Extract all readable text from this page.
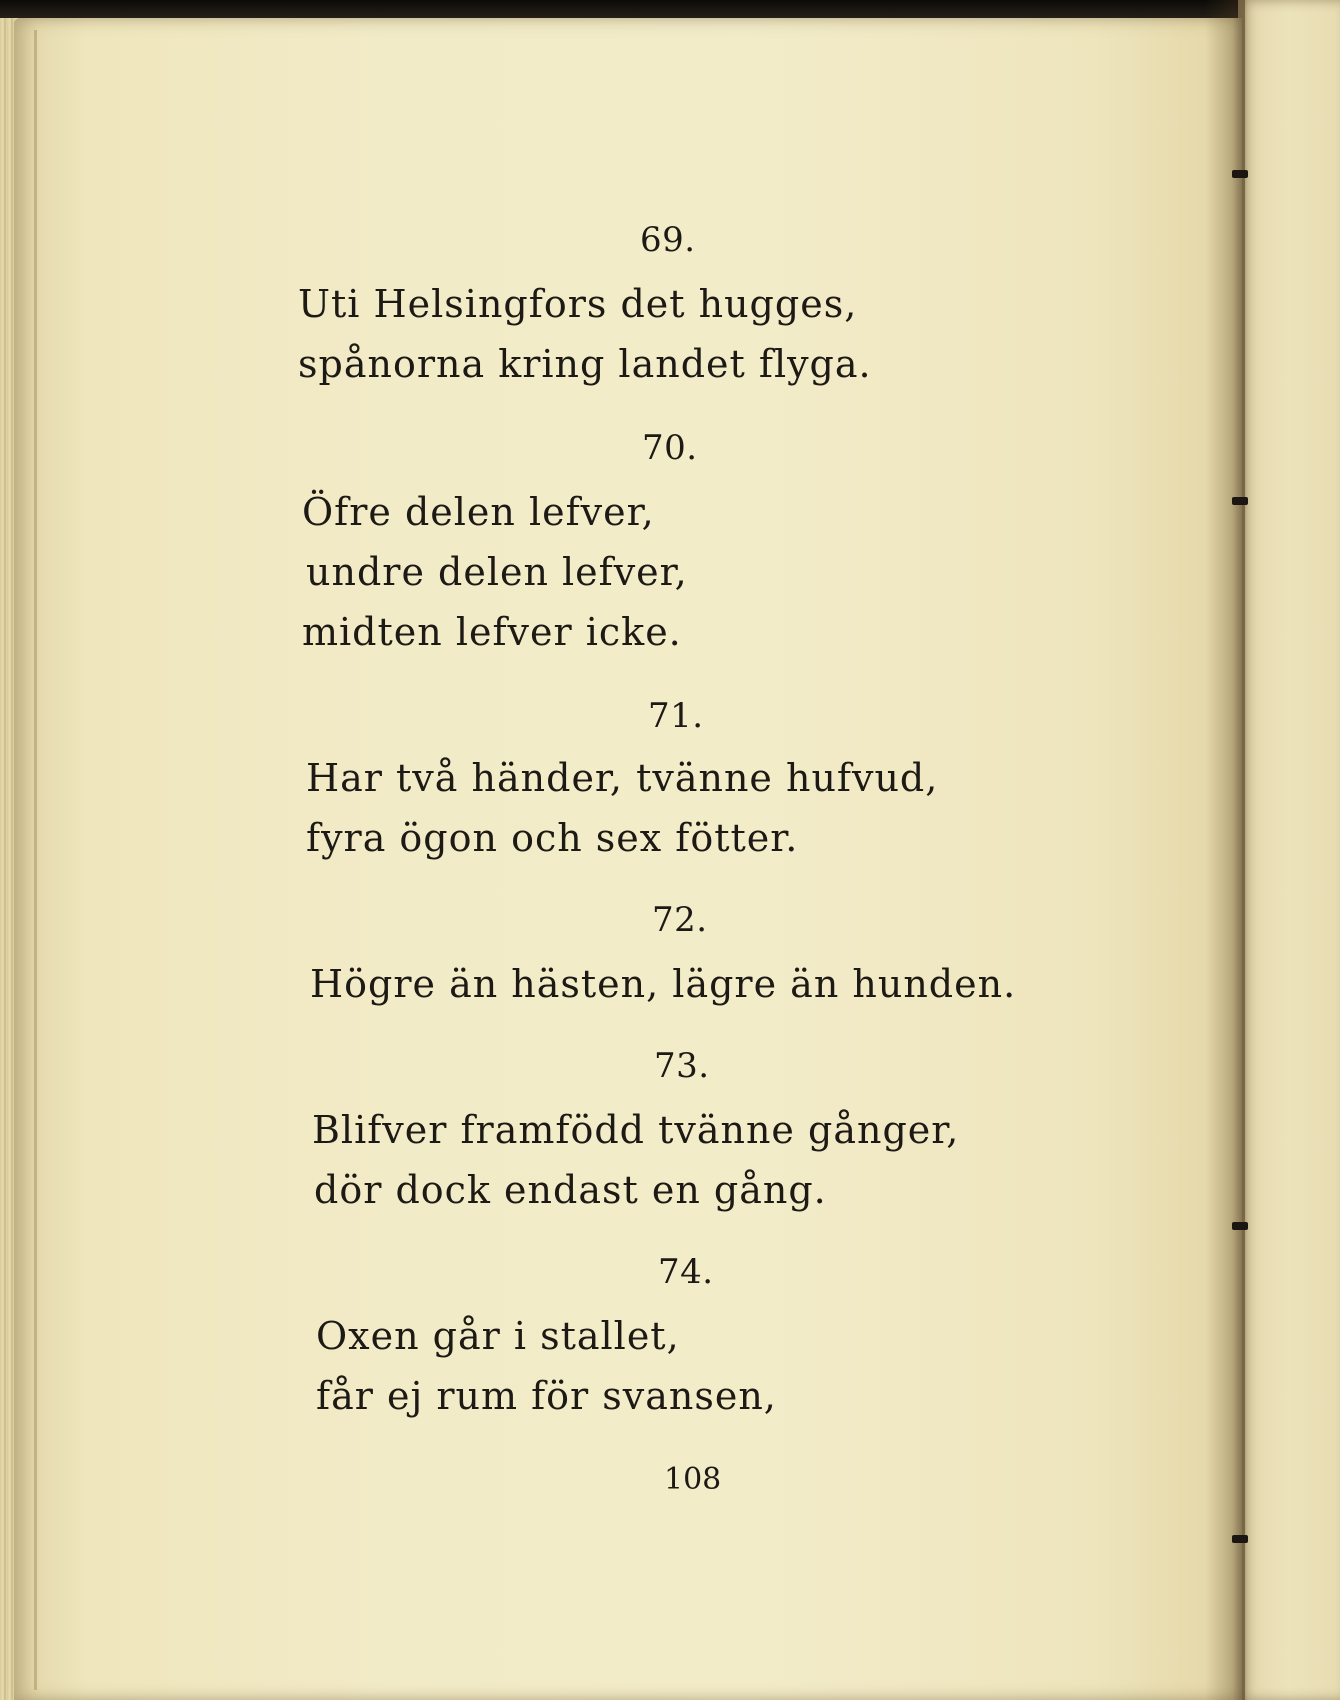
69.
Uti Helsingfors det hugges,
spånorna kring landet flyga.
70.
Öfre delen lefver,
undre delen lefver,
midten lefver icke.
71.
Har två händer, tvänne hufvud,
fyra ögon och sex fötter.
72.
Högre än hästen, lägre än hunden.
73.
Blifver framfödd tvänne gånger,
dör dock endast en gång.
74.
Oxen går i stallet,
får ej rum för svansen,
108
